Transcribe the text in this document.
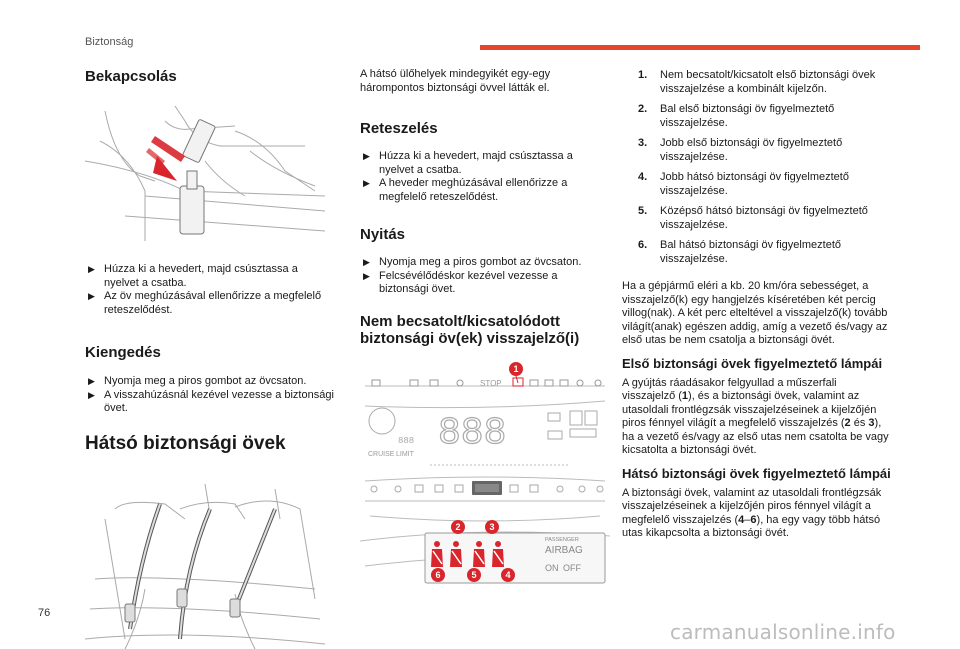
Biztonság
Bekapcsolás
▶ Húzza ki a hevedert, majd csúsztassa a nyelvet a csatba.
▶ Az öv meghúzásával ellenőrizze a megfelelő reteszelődést.
Kiengedés
▶ Nyomja meg a piros gombot az övcsaton.
▶ A visszahúzásnál kezével vezesse a biztonsági övet.
Hátsó biztonsági övek
A hátsó ülőhelyek mindegyikét egy-egy hárompontos biztonsági övvel látták el.
Reteszelés
▶ Húzza ki a hevedert, majd csúsztassa a nyelvet a csatba.
▶ A heveder meghúzásával ellenőrizze a megfelelő reteszelődést.
Nyitás
▶ Nyomja meg a piros gombot az övcsaton.
▶ Felcsévélődéskor kezével vezesse a biztonsági övet.
Nem becsatolt/kicsatolódott biztonsági öv(ek) visszajelző(i)
STOP
1
CRUISE LIMIT
888 888
PASSENGER
AIRBAG
ON OFF
2	3
4
5
6
1. Nem becsatolt/kicsatolt első biztonsági övek visszajelzése a kombinált kijelzőn.
2. Bal első biztonsági öv figyelmeztető visszajelzése.
3. Jobb első biztonsági öv figyelmeztető visszajelzése.
4. Jobb hátsó biztonsági öv figyelmeztető visszajelzése.
5. Középső hátsó biztonsági öv figyelmeztető visszajelzése.
6. Bal hátsó biztonsági öv figyelmeztető visszajelzése.
Ha a gépjármű eléri a kb. 20 km/óra sebességet, a visszajelző(k) egy hangjelzés kíséretében két percig villog(nak). A két perc elteltével a visszajelző(k) tovább világít(anak) egészen addig, amíg a vezető és/vagy az első utas be nem csatolja a biztonsági övét.
Első biztonsági övek figyelmeztető lámpái
A gyújtás ráadásakor felgyullad a műszerfali visszajelző (1), és a biztonsági övek, valamint az utasoldali frontlégzsák visszajelzéseinek a kijelzőjén piros fénnyel világít a megfelelő visszajelzés (2 és 3), ha a vezető és/vagy az első utas nem csatolta be vagy kicsatolta a biztonsági övét.
Hátsó biztonsági övek figyelmeztető lámpái
A biztonsági övek, valamint az utasoldali frontlégzsák visszajelzéseinek a kijelzőjén piros fénnyel világít a megfelelő visszajelzés (4–6), ha egy vagy több hátsó utas kikapcsolta a biztonsági övét.
76
carmanualsonline.info
